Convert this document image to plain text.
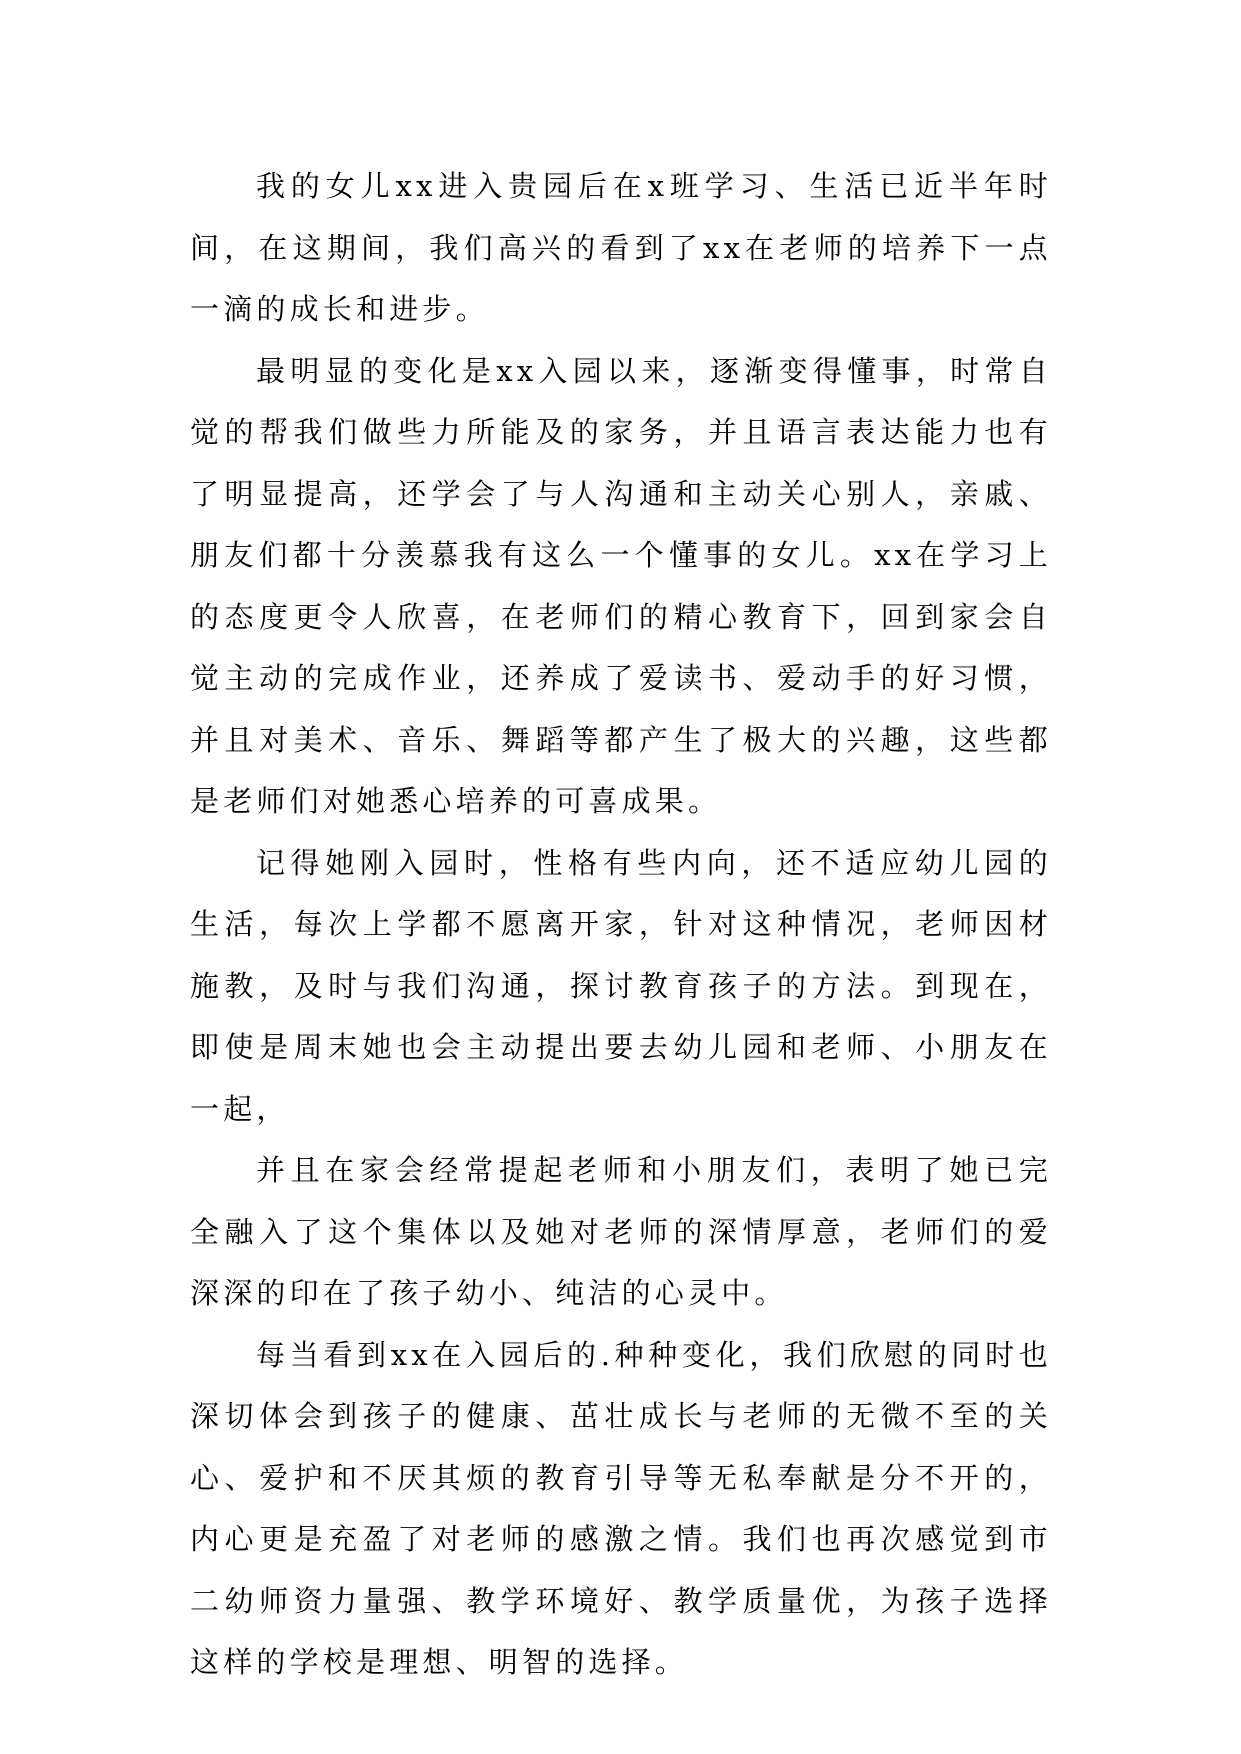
我的女儿xx进入贵园后在x班学习、生活已近半年时间，在这期间，我们高兴的看到了xx在老师的培养下一点一滴的成长和进步。

最明显的变化是xx入园以来，逐渐变得懂事，时常自觉的帮我们做些力所能及的家务，并且语言表达能力也有了明显提高，还学会了与人沟通和主动关心别人，亲戚、朋友们都十分羡慕我有这么一个懂事的女儿。xx在学习上的态度更令人欣喜，在老师们的精心教育下，回到家会自觉主动的完成作业，还养成了爱读书、爱动手的好习惯，并且对美术、音乐、舞蹈等都产生了极大的兴趣，这些都是老师们对她悉心培养的可喜成果。

记得她刚入园时，性格有些内向，还不适应幼儿园的生活，每次上学都不愿离开家，针对这种情况，老师因材施教，及时与我们沟通，探讨教育孩子的方法。到现在，即使是周末她也会主动提出要去幼儿园和老师、小朋友在一起，

并且在家会经常提起老师和小朋友们，表明了她已完全融入了这个集体以及她对老师的深情厚意，老师们的爱深深的印在了孩子幼小、纯洁的心灵中。

每当看到xx在入园后的.种种变化，我们欣慰的同时也深切体会到孩子的健康、茁壮成长与老师的无微不至的关心、爱护和不厌其烦的教育引导等无私奉献是分不开的，内心更是充盈了对老师的感激之情。我们也再次感觉到市二幼师资力量强、教学环境好、教学质量优，为孩子选择这样的学校是理想、明智的选择。
